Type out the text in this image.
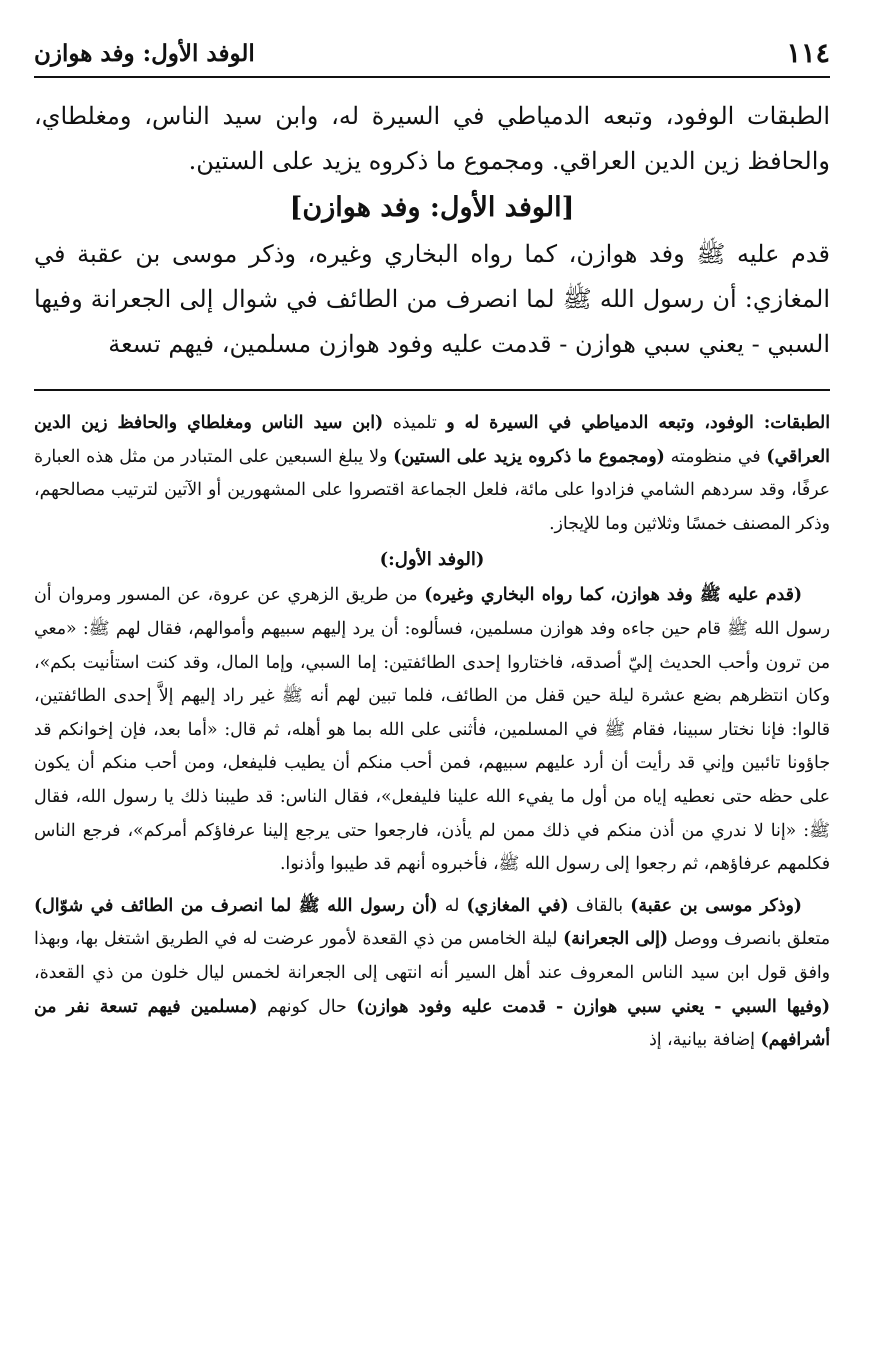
١١٤
الوفد الأول: وفد هوازن

الطبقات الوفود، وتبعه الدمياطي في السيرة له، وابن سيد الناس، ومغلطاي، والحافظ زين الدين العراقي. ومجموع ما ذكروه يزيد على الستين.

[الوفد الأول: وفد هوازن]

قدم عليه ﷺ وفد هوازن، كما رواه البخاري وغيره، وذكر موسى بن عقبة في المغازي: أن رسول الله ﷺ لما انصرف من الطائف في شوال إلى الجعرانة وفيها السبي - يعني سبي هوازن - قدمت عليه وفود هوازن مسلمين، فيهم تسعة

الطبقات: الوفود، وتبعه الدمياطي في السيرة له و تلميذه (ابن سيد الناس ومغلطاي والحافظ زين الدين العراقي) في منظومته (ومجموع ما ذكروه يزيد على الستين) ولا يبلغ السبعين على المتبادر من مثل هذه العبارة عرفًا، وقد سردهم الشامي فزادوا على مائة، فلعل الجماعة اقتصروا على المشهورين أو الآتين لترتيب مصالحهم، وذكر المصنف خمسًا وثلاثين وما للإيجاز.

(الوفد الأول:)

(قدم عليه ﷺ وفد هوازن، كما رواه البخاري وغيره) من طريق الزهري عن عروة، عن المسور ومروان أن رسول الله ﷺ قام حين جاءه وفد هوازن مسلمين، فسألوه: أن يرد إليهم سبيهم وأموالهم، فقال لهم ﷺ: «معي من ترون وأحب الحديث إليّ أصدقه، فاختاروا إحدى الطائفتين: إما السبي، وإما المال، وقد كنت استأنيت بكم»، وكان انتظرهم بضع عشرة ليلة حين قفل من الطائف، فلما تبين لهم أنه ﷺ غير راد إليهم إلاَّ إحدى الطائفتين، قالوا: فإنا نختار سبينا، فقام ﷺ في المسلمين، فأثنى على الله بما هو أهله، ثم قال: «أما بعد، فإن إخوانكم قد جاؤونا تائبين وإني قد رأيت أن أرد عليهم سبيهم، فمن أحب منكم أن يطيب فليفعل، ومن أحب منكم أن يكون على حظه حتى نعطيه إياه من أول ما يفيء الله علينا فليفعل»، فقال الناس: قد طيبنا ذلك يا رسول الله، فقال ﷺ: «إنا لا ندري من أذن منكم في ذلك ممن لم يأذن، فارجعوا حتى يرجع إلينا عرفاؤكم أمركم»، فرجع الناس فكلمهم عرفاؤهم، ثم رجعوا إلى رسول الله ﷺ، فأخبروه أنهم قد طيبوا وأذنوا.

(وذكر موسى بن عقبة) بالقاف (في المغازي) له (أن رسول الله ﷺ لما انصرف من الطائف في شوّال) متعلق بانصرف ووصل (إلى الجعرانة) ليلة الخامس من ذي القعدة لأمور عرضت له في الطريق اشتغل بها، وبهذا وافق قول ابن سيد الناس المعروف عند أهل السير أنه انتهى إلى الجعرانة لخمس ليال خلون من ذي القعدة، (وفيها السبي - يعني سبي هوازن - قدمت عليه وفود هوازن) حال كونهم (مسلمين فيهم تسعة نفر من أشرافهم) إضافة بيانية، إذ
